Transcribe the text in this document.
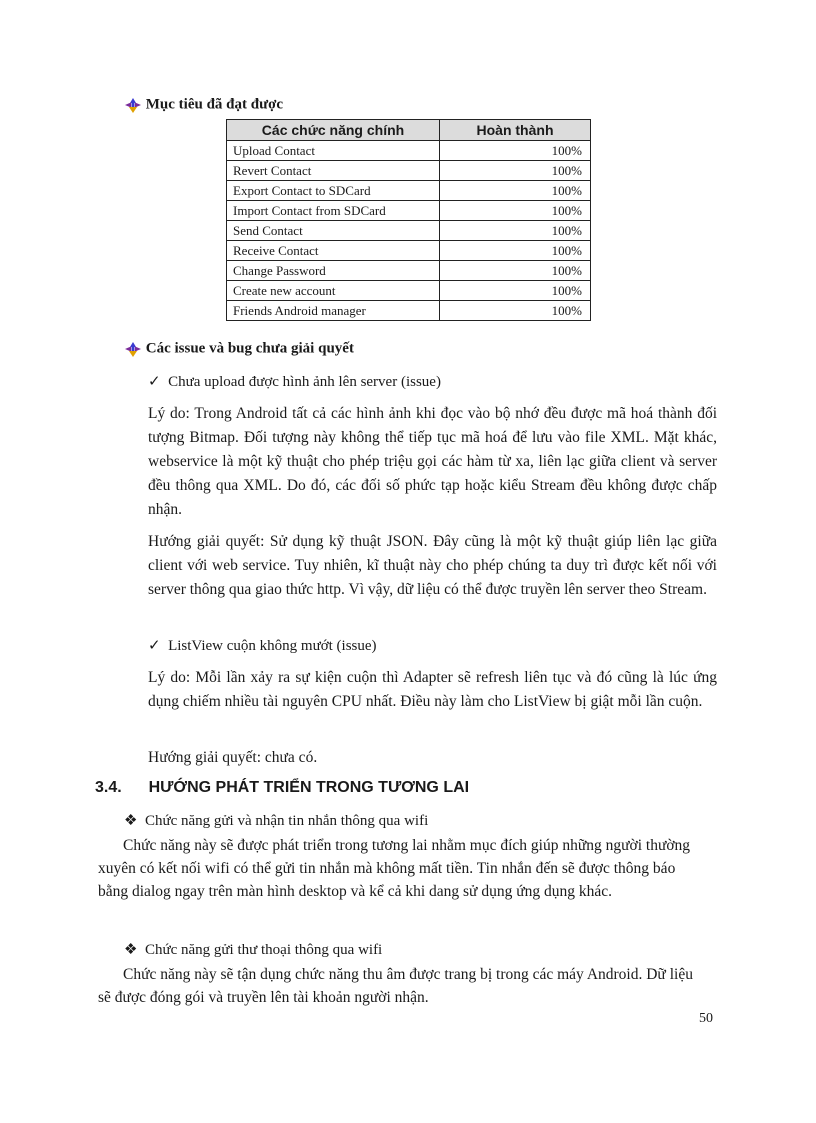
Mục tiêu đã đạt được
Các chức năng chính	Hoàn thành
Upload Contact	100%
Revert Contact	100%
Export Contact to SDCard	100%
Import Contact from SDCard	100%
Send Contact	100%
Receive Contact	100%
Change Password	100%
Create new account	100%
Friends Android manager	100%
Các issue và bug chưa giải quyết
✓ Chưa upload được hình ảnh lên server (issue)
Lý do: Trong Android tất cả các hình ảnh khi đọc vào bộ nhớ đều được mã hoá thành đối tượng Bitmap. Đối tượng này không thể tiếp tục mã hoá để lưu vào file XML. Mặt khác, webservice là một kỹ thuật cho phép triệu gọi các hàm từ xa, liên lạc giữa client và server đều thông qua XML. Do đó, các đối số phức tạp hoặc kiểu Stream đều không được chấp nhận.
Hướng giải quyết: Sử dụng kỹ thuật JSON. Đây cũng là một kỹ thuật giúp liên lạc giữa client với web service. Tuy nhiên, kĩ thuật này cho phép chúng ta duy trì được kết nối với server thông qua giao thức http. Vì vậy, dữ liệu có thể được truyền lên server theo Stream.
✓ ListView cuộn không mướt (issue)
Lý do: Mỗi lần xảy ra sự kiện cuộn thì Adapter sẽ refresh liên tục và đó cũng là lúc ứng dụng chiếm nhiều tài nguyên CPU nhất. Điều này làm cho ListView bị giật mỗi lần cuộn.
Hướng giải quyết: chưa có.
3.4. HƯỚNG PHÁT TRIỂN TRONG TƯƠNG LAI
❖ Chức năng gửi và nhận tin nhắn thông qua wifi
Chức năng này sẽ được phát triển trong tương lai nhằm mục đích giúp những người thường xuyên có kết nối wifi có thể gửi tin nhắn mà không mất tiền. Tin nhắn đến sẽ được thông báo bằng dialog ngay trên màn hình desktop và kể cả khi dang sử dụng ứng dụng khác.
❖ Chức năng gửi thư thoại thông qua wifi
Chức năng này sẽ tận dụng chức năng thu âm được trang bị trong các máy Android. Dữ liệu sẽ được đóng gói và truyền lên tài khoản người nhận.
50
